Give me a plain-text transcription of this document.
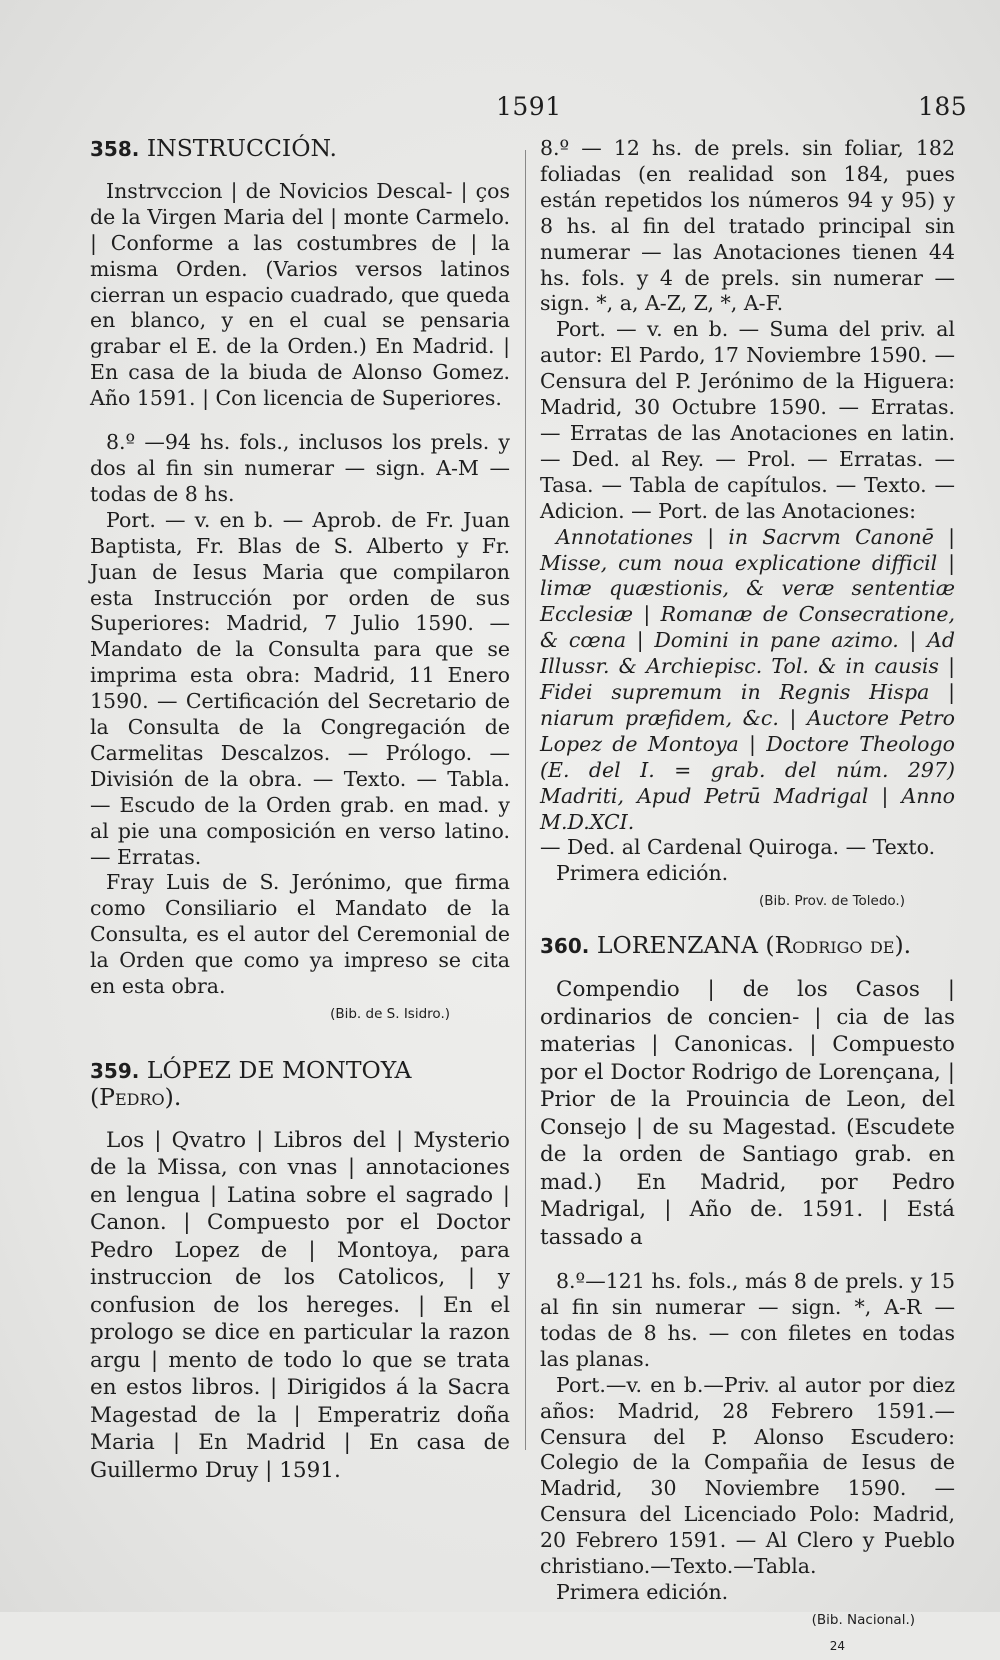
1591	185
358. INSTRUCCIÓN.

Instrvccion | de Novicios Descal- | ços de la Virgen Maria del | monte Carmelo. | Conforme a las costumbres de | la misma Orden. (Varios versos latinos cierran un espacio cuadrado, que queda en blanco, y en el cual se pensaria grabar el E. de la Orden.) En Madrid. | En casa de la biuda de Alonso Gomez. Año 1591. | Con licencia de Superiores.

8.º —94 hs. fols., inclusos los prels. y dos al fin sin numerar — sign. A-M — todas de 8 hs.

Port. — v. en b. — Aprob. de Fr. Juan Baptista, Fr. Blas de S. Alberto y Fr. Juan de Iesus Maria que compilaron esta Instrucción por orden de sus Superiores: Madrid, 7 Julio 1590. — Mandato de la Consulta para que se imprima esta obra: Madrid, 11 Enero 1590. — Certificación del Secretario de la Consulta de la Congregación de Carmelitas Descalzos. — Prólogo. — División de la obra. — Texto. — Tabla. — Escudo de la Orden grab. en mad. y al pie una composición en verso latino. — Erratas.

Fray Luis de S. Jerónimo, que firma como Consiliario el Mandato de la Consulta, es el autor del Ceremonial de la Orden que como ya impreso se cita en esta obra.

(Bib. de S. Isidro.)

359. LÓPEZ DE MONTOYA (Pedro).

Los | Qvatro | Libros del | Mysterio de la Missa, con vnas | annotaciones en lengua | Latina sobre el sagrado | Canon. | Compuesto por el Doctor Pedro Lopez de | Montoya, para instruccion de los Catolicos, | y confusion de los hereges. | En el prologo se dice en particular la razon argu | mento de todo lo que se trata en estos libros. | Dirigidos á la Sacra Magestad de la | Emperatriz doña Maria | En Madrid | En casa de Guillermo Druy | 1591.

8.º — 12 hs. de prels. sin foliar, 182 foliadas (en realidad son 184, pues están repetidos los números 94 y 95) y 8 hs. al fin del tratado principal sin numerar — las Anotaciones tienen 44 hs. fols. y 4 de prels. sin numerar — sign. *, a, A-Z, Z, *, A-F.

Port. — v. en b. — Suma del priv. al autor: El Pardo, 17 Noviembre 1590. — Censura del P. Jerónimo de la Higuera: Madrid, 30 Octubre 1590. — Erratas. — Erratas de las Anotaciones en latin. — Ded. al Rey. — Prol. — Erratas. — Tasa. — Tabla de capítulos. — Texto. — Adicion. — Port. de las Anotaciones:

Annotationes | in Sacrvm Canonē | Misse, cum noua explicatione difficil | limæ quæstionis, & veræ sententiæ Ecclesiæ | Romanæ de Consecratione, & cœna | Domini in pane azimo. | Ad Illussr. & Archiepisc. Tol. & in causis | Fidei supremum in Regnis Hispa | niarum præfidem, &c. | Auctore Petro Lopez de Montoya | Doctore Theologo (E. del I. = grab. del núm. 297) Madriti, Apud Petrū Madrigal | Anno M.D.XCI.

— Ded. al Cardenal Quiroga. — Texto.

Primera edición.

(Bib. Prov. de Toledo.)

360. LORENZANA (Rodrigo de).

Compendio | de los Casos | ordinarios de concien- | cia de las materias | Canonicas. | Compuesto por el Doctor Rodrigo de Lorençana, | Prior de la Prouincia de Leon, del Consejo | de su Magestad. (Escudete de la orden de Santiago grab. en mad.) En Madrid, por Pedro Madrigal, | Año de. 1591. | Está tassado a

8.º—121 hs. fols., más 8 de prels. y 15 al fin sin numerar — sign. *, A-R — todas de 8 hs. — con filetes en todas las planas.

Port.—v. en b.—Priv. al autor por diez años: Madrid, 28 Febrero 1591.—Censura del P. Alonso Escudero: Colegio de la Compañia de Iesus de Madrid, 30 Noviembre 1590. — Censura del Licenciado Polo: Madrid, 20 Febrero 1591. — Al Clero y Pueblo christiano.—Texto.—Tabla.

Primera edición.

(Bib. Nacional.)

24
